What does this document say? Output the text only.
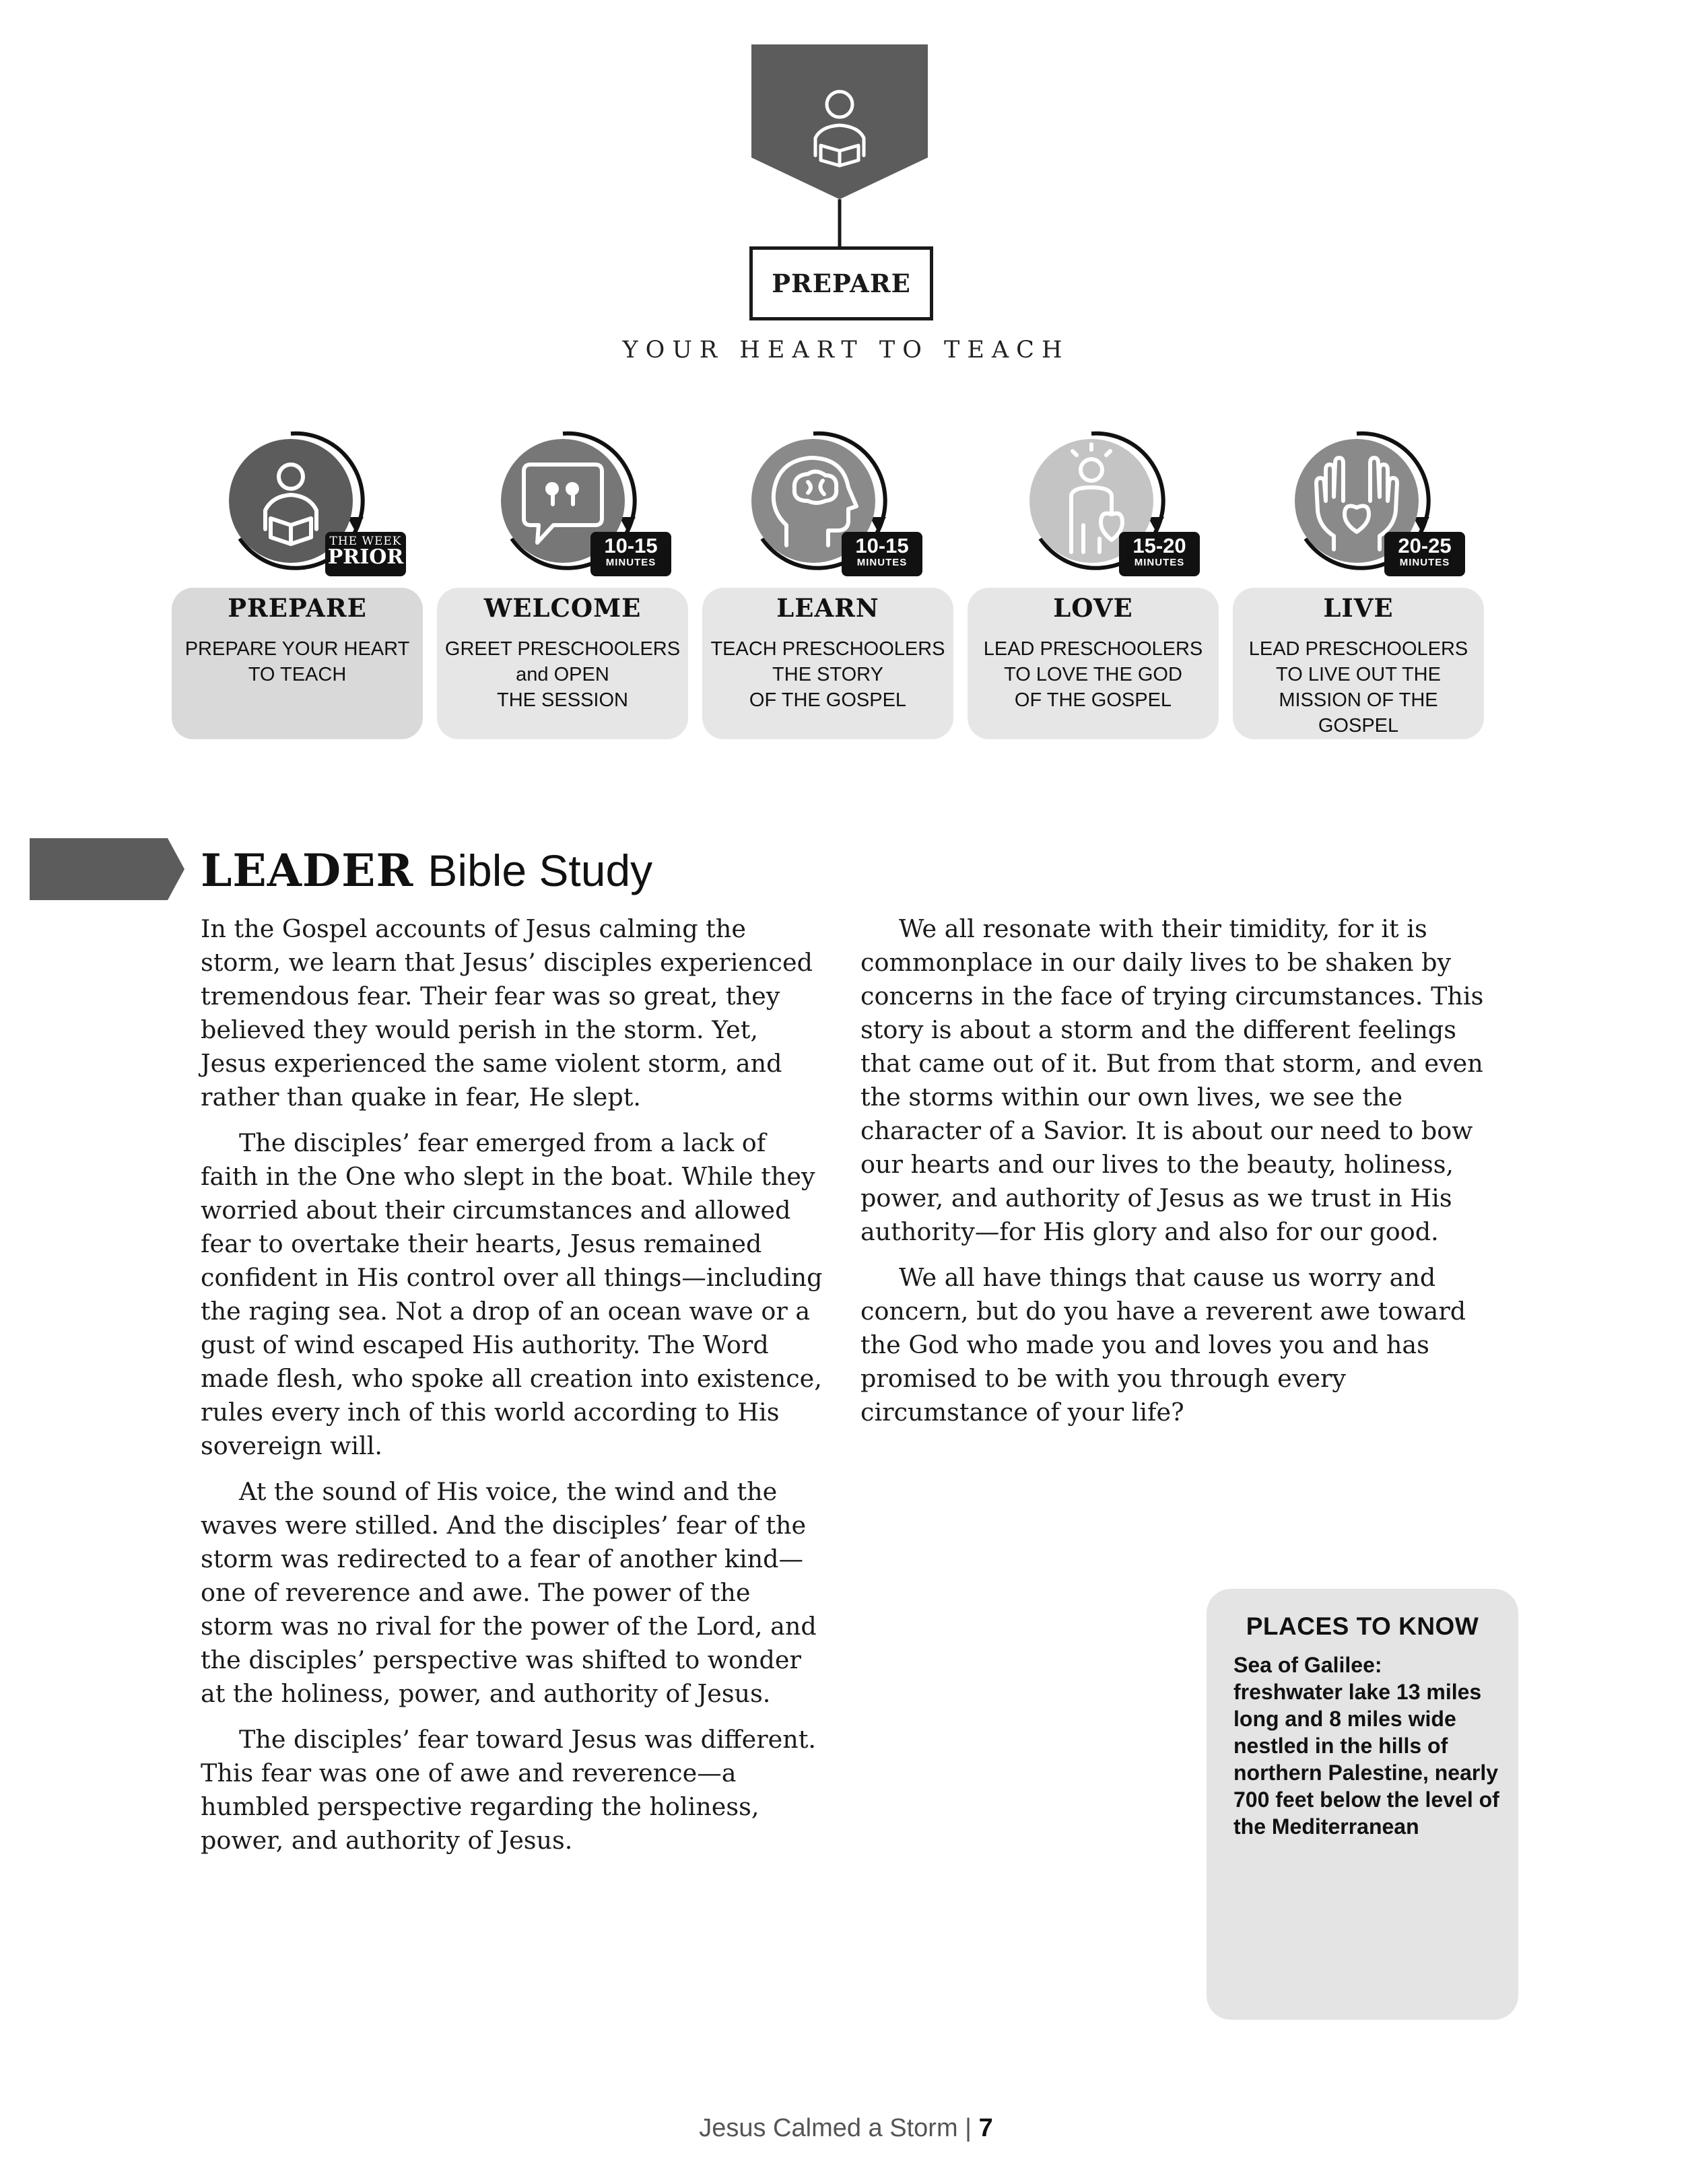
PREPARE
YOUR HEART TO TEACH
THE WEEK
PRIOR
PREPARE
PREPARE YOUR HEART
TO TEACH
10-15
MINUTES
WELCOME
GREET PRESCHOOLERS
and OPEN
THE SESSION
10-15
MINUTES
LEARN
TEACH PRESCHOOLERS
THE STORY
OF THE GOSPEL
15-20
MINUTES
LOVE
LEAD PRESCHOOLERS
TO LOVE THE GOD
OF THE GOSPEL
20-25
MINUTES
LIVE
LEAD PRESCHOOLERS
TO LIVE OUT THE
MISSION OF THE GOSPEL
LEADER Bible Study

In the Gospel accounts of Jesus calming the storm, we learn that Jesus’ disciples experienced tremendous fear. Their fear was so great, they believed they would perish in the storm. Yet, Jesus experienced the same violent storm, and rather than quake in fear, He slept.

The disciples’ fear emerged from a lack of faith in the One who slept in the boat. While they worried about their circumstances and allowed fear to overtake their hearts, Jesus remained confident in His control over all things—including the raging sea. Not a drop of an ocean wave or a gust of wind escaped His authority. The Word made flesh, who spoke all creation into existence, rules every inch of this world according to His sovereign will.

At the sound of His voice, the wind and the waves were stilled. And the disciples’ fear of the storm was redirected to a fear of another kind—one of reverence and awe. The power of the storm was no rival for the power of the Lord, and the disciples’ perspective was shifted to wonder at the holiness, power, and authority of Jesus.

The disciples’ fear toward Jesus was different. This fear was one of awe and reverence—a humbled perspective regarding the holiness, power, and authority of Jesus.

We all resonate with their timidity, for it is commonplace in our daily lives to be shaken by concerns in the face of trying circumstances. This story is about a storm and the different feelings that came out of it. But from that storm, and even the storms within our own lives, we see the character of a Savior. It is about our need to bow our hearts and our lives to the beauty, holiness, power, and authority of Jesus as we trust in His authority—for His glory and also for our good.

We all have things that cause us worry and concern, but do you have a reverent awe toward the God who made you and loves you and has promised to be with you through every circumstance of your life?

PLACES TO KNOW
Sea of Galilee:
freshwater lake 13 miles long and 8 miles wide nestled in the hills of northern Palestine, nearly 700 feet below the level of the Mediterranean
Jesus Calmed a Storm | 7
